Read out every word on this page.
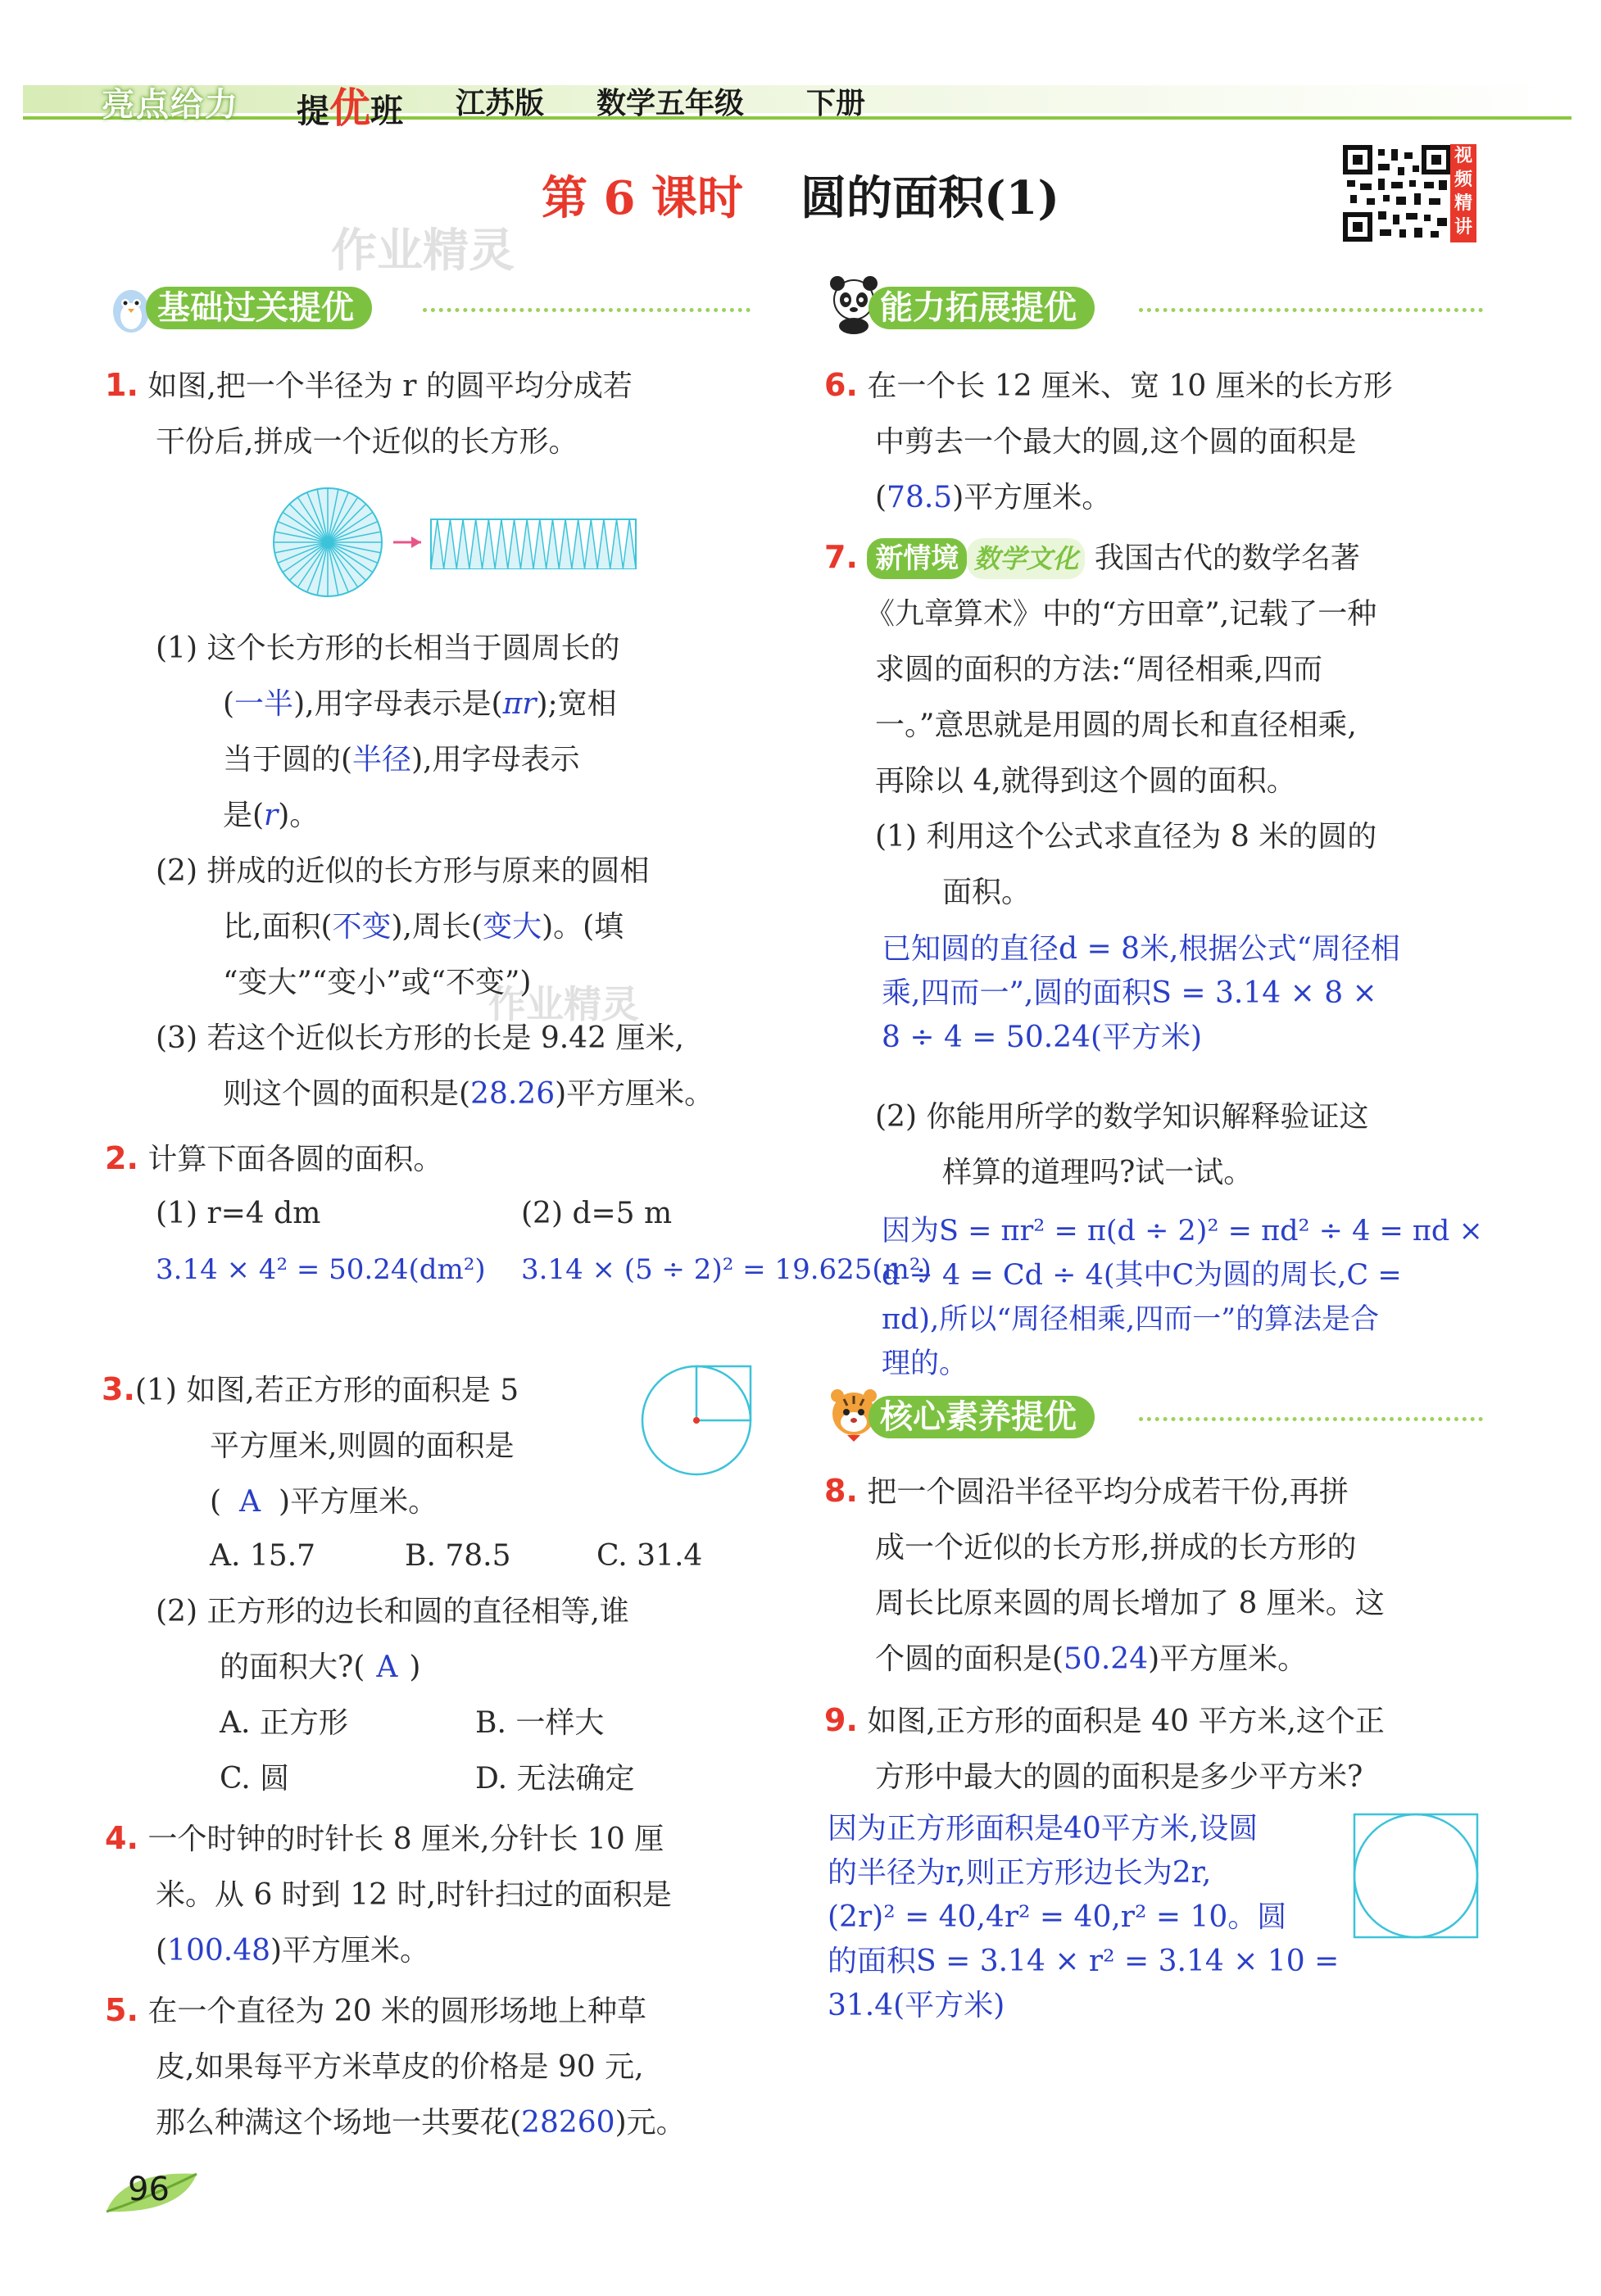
亮点给力 提优班 江苏版 数学五年级 下册
第 6 课时 圆的面积(1)
作业精灵
作业精灵
视
频
精
讲
基础过关提优	能力拓展提优
核心素养提优
1. 如图,把一个半径为 r 的圆平均分成若
干份后,拼成一个近似的长方形。
(1) 这个长方形的长相当于圆周长的
(一半),用字母表示是(πr);宽相
当于圆的(半径),用字母表示
是(r)。
(2) 拼成的近似的长方形与原来的圆相
比,面积(不变),周长(变大)。(填
“变大”“变小”或“不变”)
(3) 若这个近似长方形的长是 9.42 厘米,
则这个圆的面积是(28.26)平方厘米。
2. 计算下面各圆的面积。
(1) r=4 dm	(2) d=5 m
3.14 × 4² = 50.24(dm²) 3.14 × (5 ÷ 2)² = 19.625(m²)
3.(1) 如图,若正方形的面积是 5
平方厘米,则圆的面积是
( A )平方厘米。
A. 15.7	B. 78.5	C. 31.4
(2) 正方形的边长和圆的直径相等,谁
的面积大?( A )
A. 正方形	B. 一样大
C. 圆	D. 无法确定
4. 一个时钟的时针长 8 厘米,分针长 10 厘
米。从 6 时到 12 时,时针扫过的面积是
(100.48)平方厘米。
5. 在一个直径为 20 米的圆形场地上种草
皮,如果每平方米草皮的价格是 90 元,
那么种满这个场地一共要花(28260)元。
6. 在一个长 12 厘米、宽 10 厘米的长方形
中剪去一个最大的圆,这个圆的面积是
(78.5)平方厘米。
7. 新情境 数学文化 我国古代的数学名著
《九章算术》中的“方田章”,记载了一种
求圆的面积的方法:“周径相乘,四而
一。”意思就是用圆的周长和直径相乘,
再除以 4,就得到这个圆的面积。
(1) 利用这个公式求直径为 8 米的圆的
面积。
已知圆的直径d = 8米,根据公式“周径相
乘,四而一”,圆的面积S = 3.14 × 8 ×
8 ÷ 4 = 50.24(平方米)
(2) 你能用所学的数学知识解释验证这
样算的道理吗?试一试。
因为S = πr² = π(d ÷ 2)² = πd² ÷ 4 = πd ×
d ÷ 4 = Cd ÷ 4(其中C为圆的周长,C =
πd),所以“周径相乘,四而一”的算法是合
理的。
8. 把一个圆沿半径平均分成若干份,再拼
成一个近似的长方形,拼成的长方形的
周长比原来圆的周长增加了 8 厘米。这
个圆的面积是(50.24)平方厘米。
9. 如图,正方形的面积是 40 平方米,这个正
方形中最大的圆的面积是多少平方米?
因为正方形面积是40平方米,设圆
的半径为r,则正方形边长为2r,
(2r)² = 40,4r² = 40,r² = 10。圆
的面积S = 3.14 × r² = 3.14 × 10 =
31.4(平方米)
96
